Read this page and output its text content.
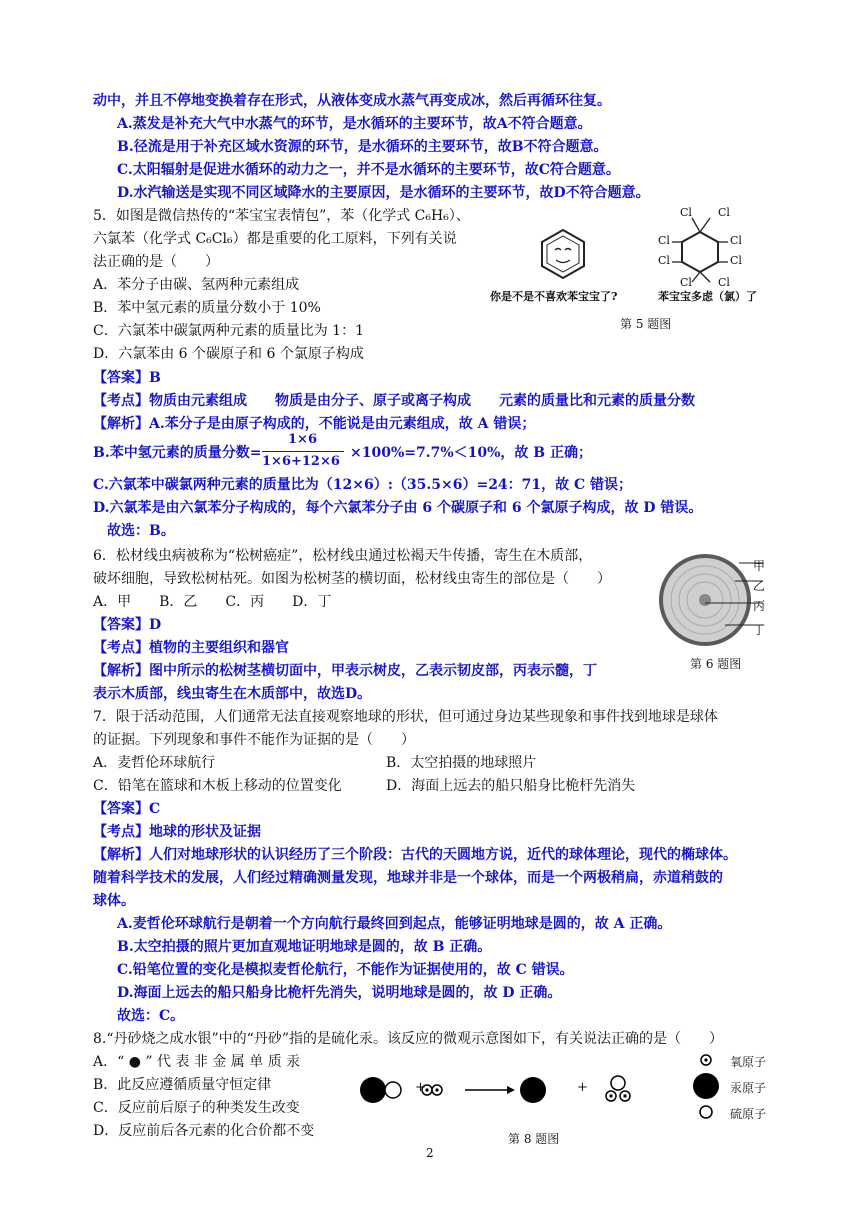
动中，并且不停地变换着存在形式，从液体变成水蒸气再变成冰，然后再循环往复。
A.蒸发是补充大气中水蒸气的环节，是水循环的主要环节，故A不符合题意。
B.径流是用于补充区域水资源的环节，是水循环的主要环节，故B不符合题意。
C.太阳辐射是促进水循环的动力之一，并不是水循环的主要环节，故C符合题意。
D.水汽输送是实现不同区域降水的主要原因，是水循环的主要环节，故D不符合题意。
5．如图是微信热传的“苯宝宝表情包”，苯（化学式 C₆H₆）、
六氯苯（化学式 C₆Cl₆）都是重要的化工原料，下列有关说
法正确的是（　　）
A．苯分子由碳、氢两种元素组成
B．苯中氢元素的质量分数小于 10%
C．六氯苯中碳氯两种元素的质量比为 1：1
D．六氯苯由 6 个碳原子和 6 个氯原子构成
Cl Cl
Cl
Cl
Cl
Cl
Cl Cl
你是不是不喜欢苯宝宝了?	苯宝宝多虑（氯）了
第 5 题图
【答案】B
【考点】物质由元素组成　　物质是由分子、原子或离子构成　　元素的质量比和元素的质量分数
【解析】A.苯分子是由原子构成的，不能说是由元素组成，故 A 错误；
B.苯中氢元素的质量分数=
1×6
1×6+12×6
×100%=7.7%＜10%，故 B 正确；
C.六氯苯中碳氯两种元素的质量比为（12×6）:（35.5×6）=24：71，故 C 错误；
D.六氯苯是由六氯苯分子构成的，每个六氯苯分子由 6 个碳原子和 6 个氯原子构成，故 D 错误。
　故选：B。
6．松材线虫病被称为“松树癌症”，松材线虫通过松褐天牛传播，寄生在木质部，
破坏细胞，导致松树枯死。如图为松树茎的横切面，松材线虫寄生的部位是（　　）
A．甲　　B．乙　　C．丙　　D．丁
【答案】D
【考点】植物的主要组织和器官
【解析】图中所示的松树茎横切面中，甲表示树皮，乙表示韧皮部，丙表示髓，丁
表示木质部，线虫寄生在木质部中，故选D。
甲
乙
丙
丁
第 6 题图
7．限于活动范围，人们通常无法直接观察地球的形状，但可通过身边某些现象和事件找到地球是球体
的证据。下列现象和事件不能作为证据的是（　　）
A．麦哲伦环球航行	B．太空拍摄的地球照片
C．铅笔在篮球和木板上移动的位置变化	D．海面上远去的船只船身比桅杆先消失
【答案】C
【考点】地球的形状及证据
【解析】人们对地球形状的认识经历了三个阶段：古代的天圆地方说，近代的球体理论，现代的椭球体。
随着科学技术的发展，人们经过精确测量发现，地球并非是一个球体，而是一个两极稍扁，赤道稍鼓的
球体。
A.麦哲伦环球航行是朝着一个方向航行最终回到起点，能够证明地球是圆的，故 A 正确。
B.太空拍摄的照片更加直观地证明地球是圆的，故 B 正确。
C.铅笔位置的变化是模拟麦哲伦航行，不能作为证据使用的，故 C 错误。
D.海面上远去的船只船身比桅杆先消失，说明地球是圆的，故 D 正确。
故选：C。
8.“丹砂烧之成水银”中的“丹砂”指的是硫化汞。该反应的微观示意图如下，有关说法正确的是（　　）
A．“ ● ” 代 表 非 金 属 单 质 汞
B．此反应遵循质量守恒定律
C．反应前后原子的种类发生改变
D．反应前后各元素的化合价都不变
+	+
氧原子
汞原子
硫原子
第 8 题图
2
